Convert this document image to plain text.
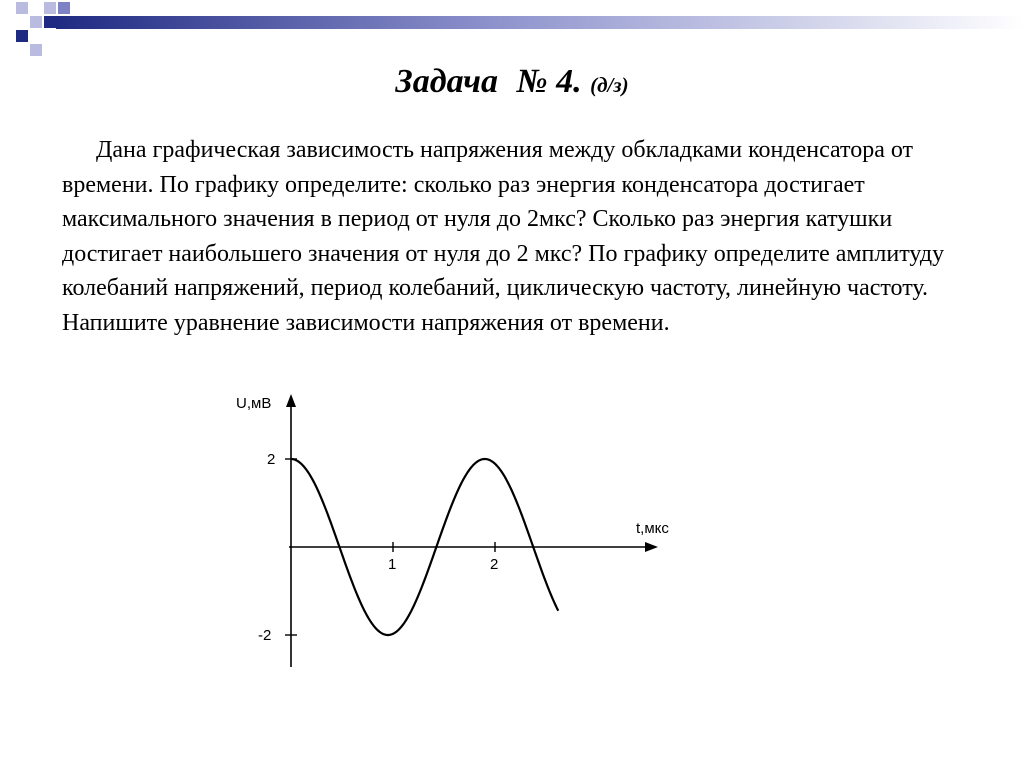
Задача № 4. (д/з)

Дана графическая зависимость напряжения между обкладками конденсатора от времени. По графику определите: сколько раз энергия конденсатора достигает максимального значения в период от нуля до 2мкс? Сколько раз энергия катушки достигает наибольшего значения от нуля до 2 мкс? По графику определите амплитуду колебаний напряжений, период колебаний, циклическую частоту, линейную частоту. Напишите уравнение зависимости напряжения от времени.

U,мВ
t,мкс
1	2
2
-2
